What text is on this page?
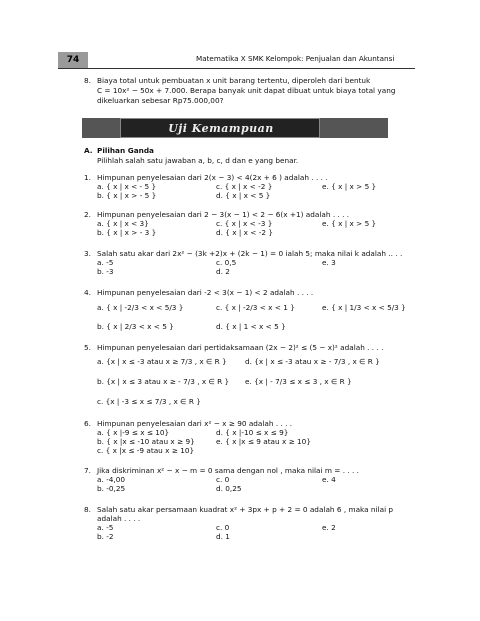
74	Matematika X SMK Kelompok: Penjualan dan Akuntansi
8. Biaya total untuk pembuatan x unit barang tertentu, diperoleh dari bentuk
C = 10x² − 50x + 7.000. Berapa banyak unit dapat dibuat untuk biaya total yang
dikeluarkan sebesar Rp75.000,00?
Uji Kemampuan
A. Pilihan Ganda
Pilihlah salah satu jawaban a, b, c, d dan e yang benar.
1. Himpunan penyelesaian dari 2(x − 3) < 4(2x + 6 ) adalah . . . .
a. { x | x < - 5 }
b. { x | x > - 5 }
c. { x | x < -2 }
d. { x | x < 5 }
e. { x | x > 5 }
2. Himpunan penyelesaian dari 2 − 3(x − 1) < 2 − 6(x +1) adalah . . . .
a. { x | x < 3}
b. { x | x > - 3 }
c. { x | x < -3 }
d. { x | x < -2 }
e. { x | x > 5 }
3. Salah satu akar dari 2x² − (3k +2)x + (2k − 1) = 0 ialah 5; maka nilai k adalah .. . .
a. -5
b. -3
c. 0,5
d. 2
e. 3
4. Himpunan penyelesaian dari -2 < 3(x − 1) < 2 adalah . . . .
a. { x | -2/3 < x < 5/3 }
b. { x | 2/3 < x < 5 }
c. { x | -2/3 < x < 1 }
d. { x | 1 < x < 5 }
e. { x | 1/3 < x < 5/3 }
5. Himpunan penyelesaian dari pertidaksamaan (2x − 2)² ≤ (5 − x)² adalah . . . .
a. {x | x ≤ -3 atau x ≥ 7/3 , x ∈ R }
b. {x | x ≤ 3 atau x ≥ - 7/3 , x ∈ R }
c. {x | -3 ≤ x ≤ 7/3 , x ∈ R }
d. {x | x ≤ -3 atau x ≥ - 7/3 , x ∈ R }
e. {x | - 7/3 ≤ x ≤ 3 , x ∈ R }
6. Himpunan penyelesaian dari x² − x ≥ 90 adalah . . . .
a. { x |-9 ≤ x ≤ 10}
b. { x |x ≤ -10 atau x ≥ 9}
c. { x |x ≤ -9 atau x ≥ 10}
d. { x |-10 ≤ x ≤ 9}
e. { x |x ≤ 9 atau x ≥ 10}
7. Jika diskriminan x² − x − m = 0 sama dengan nol , maka nilai m = . . . .
a. -4,00
b. -0,25
c. 0
d. 0,25
e. 4
8. Salah satu akar persamaan kuadrat x² + 3px + p + 2 = 0 adalah 6 , maka nilai p
adalah . . . .
a. -5
b. -2
c. 0
d. 1
e. 2
